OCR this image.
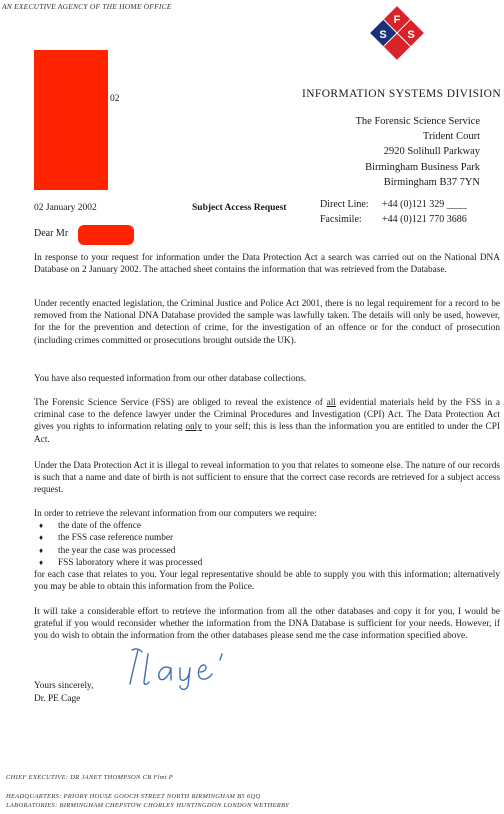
AN EXECUTIVE AGENCY OF THE HOME OFFICE
F
S S
02	INFORMATION SYSTEMS DIVISION
The Forensic Science Service
Trident Court
2920 Solihull Parkway
Birmingham Business Park
Birmingham B37 7YN
02 January 2002	Subject Access Request	Direct Line: +44 (0)121 329 ____
Facsimile: +44 (0)121 770 3686
Dear Mr

In response to your request for information under the Data Protection Act a search was carried out on the National DNA Database on 2 January 2002. The attached sheet contains the information that was retrieved from the Database.

Under recently enacted legislation, the Criminal Justice and Police Act 2001, there is no legal requirement for a record to be removed from the National DNA Database provided the sample was lawfully taken. The details will only be used, however, for the for the prevention and detection of crime, for the investigation of an offence or for the conduct of prosecution (including crimes committed or prosecutions brought outside the UK).

You have also requested information from our other database collections.

The Forensic Science Service (FSS) are obliged to reveal the existence of all evidential materials held by the FSS in a criminal case to the defence lawyer under the Criminal Procedures and Investigation (CPI) Act. The Data Protection Act gives you rights to information relating only to your self; this is less than the information you are entitled to under the CPI Act.

Under the Data Protection Act it is illegal to reveal information to you that relates to someone else. The nature of our records is such that a name and date of birth is not sufficient to ensure that the correct case records are retrieved for a subject access request.

In order to retrieve the relevant information from our computers we require:

♦ the date of the offence
♦ the FSS case reference number
♦ the year the case was processed
♦ FSS laboratory where it was processed

for each case that relates to you. Your legal representative should be able to supply you with this information; alternatively you may be able to obtain this information from the Police.

It will take a considerable effort to retrieve the information from all the other databases and copy it for you, I would be grateful if you would reconsider whether the information from the DNA Database is sufficient for your needs. However, if you do wish to obtain the information from the other databases please send me the case information specified above.

Yours sincerely,
Dr. PE Cage
CHIEF EXECUTIVE: DR JANET THOMPSON CB Flmt P
HEADQUARTERS: PRIORY HOUSE GOOCH STREET NORTH BIRMINGHAM B5 6QQ
LABORATORIES: BIRMINGHAM CHEPSTOW CHORLEY HUNTINGDON LONDON WETHERBY
